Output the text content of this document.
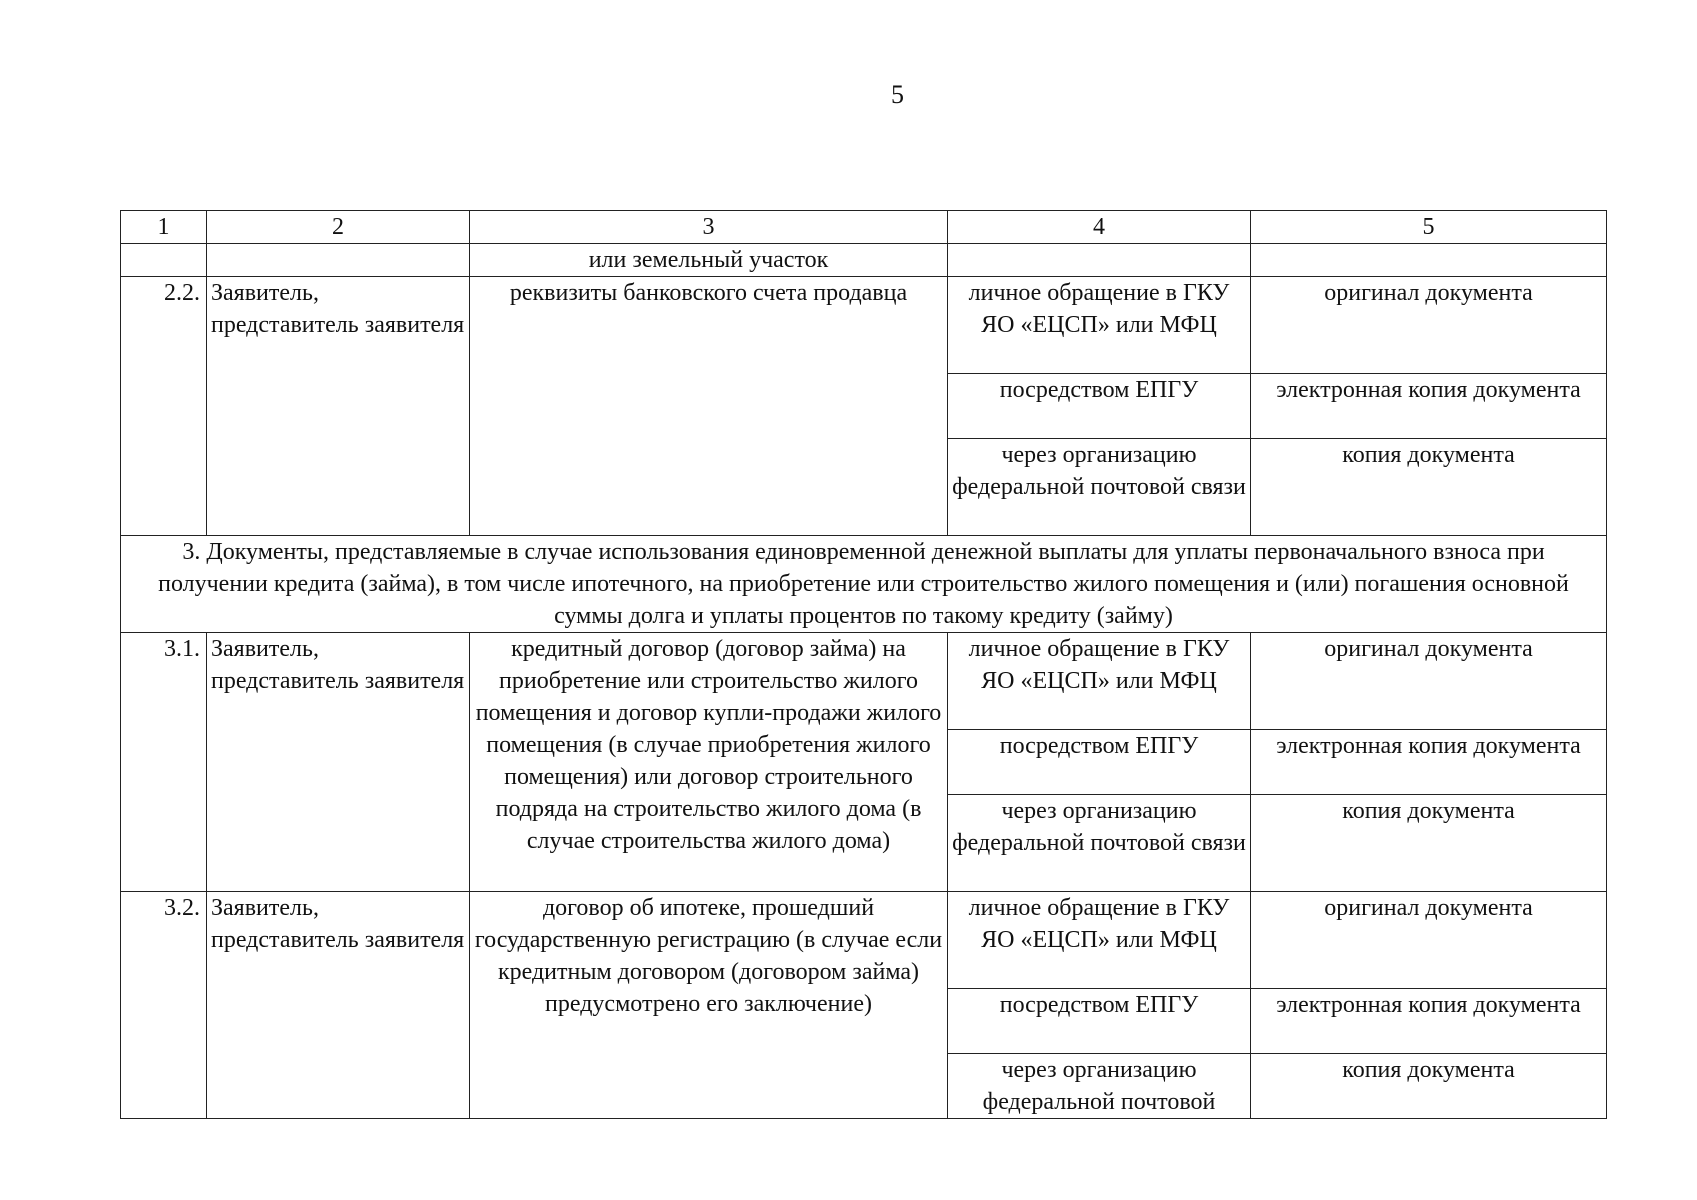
5
1	2	3	4	5
		или земельный участок		
2.2.	Заявитель, представитель заявителя	реквизиты банковского счета продавца	личное обращение в ГКУ ЯО «ЕЦСП» или МФЦ	оригинал документа
			посредством ЕПГУ	электронная копия документа
			через организацию федеральной почтовой связи	копия документа
3. Документы, представляемые в случае использования единовременной денежной выплаты для уплаты первоначального взноса при получении кредита (займа), в том числе ипотечного, на приобретение или строительство жилого помещения и (или) погашения основной суммы долга и уплаты процентов по такому кредиту (займу)				
3.1.	Заявитель, представитель заявителя	кредитный договор (договор займа) на приобретение или строительство жилого помещения и договор купли-продажи жилого помещения (в случае приобретения жилого помещения) или договор строительного подряда на строительство жилого дома (в случае строительства жилого дома)	личное обращение в ГКУ ЯО «ЕЦСП» или МФЦ	оригинал документа
			посредством ЕПГУ	электронная копия документа
			через организацию федеральной почтовой связи	копия документа
3.2.	Заявитель, представитель заявителя	договор об ипотеке, прошедший государственную регистрацию (в случае если кредитным договором (договором займа) предусмотрено его заключение)	личное обращение в ГКУ ЯО «ЕЦСП» или МФЦ	оригинал документа
			посредством ЕПГУ	электронная копия документа
			через организацию федеральной почтовой	копия документа
